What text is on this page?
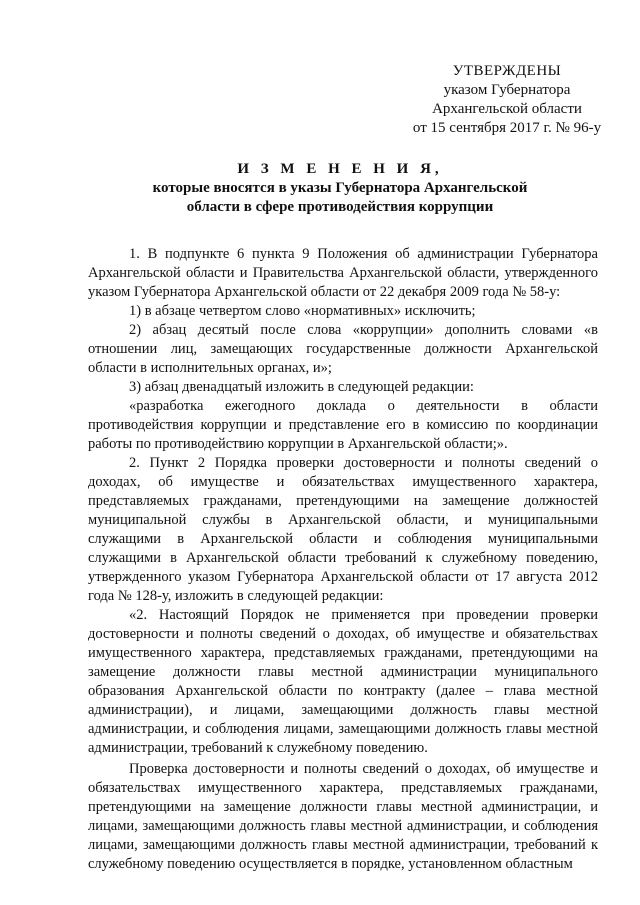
УТВЕРЖДЕНЫ
указом Губернатора
Архангельской области
от 15 сентября 2017 г. № 96-у
И З М Е Н Е Н И Я,
которые вносятся в указы Губернатора Архангельской
области в сфере противодействия коррупции

1. В подпункте 6 пункта 9 Положения об администрации Губернатора Архангельской области и Правительства Архангельской области, утвержденного указом Губернатора Архангельской области от 22 декабря 2009 года № 58-у:

1) в абзаце четвертом слово «нормативных» исключить;

2) абзац десятый после слова «коррупции» дополнить словами «в отношении лиц, замещающих государственные должности Архангельской области в исполнительных органах, и»;

3) абзац двенадцатый изложить в следующей редакции:

«разработка ежегодного доклада о деятельности в области противодействия коррупции и представление его в комиссию по координации работы по противодействию коррупции в Архангельской области;».

2. Пункт 2 Порядка проверки достоверности и полноты сведений о доходах, об имуществе и обязательствах имущественного характера, представляемых гражданами, претендующими на замещение должностей муниципальной службы в Архангельской области, и муниципальными служащими в Архангельской области и соблюдения муниципальными служащими в Архангельской области требований к служебному поведению, утвержденного указом Губернатора Архангельской области от 17 августа 2012 года № 128-у, изложить в следующей редакции:

«2. Настоящий Порядок не применяется при проведении проверки достоверности и полноты сведений о доходах, об имуществе и обязательствах имущественного характера, представляемых гражданами, претендующими на замещение должности главы местной администрации муниципального образования Архангельской области по контракту (далее – глава местной администрации), и лицами, замещающими должность главы местной администрации, и соблюдения лицами, замещающими должность главы местной администрации, требований к служебному поведению.

Проверка достоверности и полноты сведений о доходах, об имуществе и обязательствах имущественного характера, представляемых гражданами, претендующими на замещение должности главы местной администрации, и лицами, замещающими должность главы местной администрации, и соблюдения лицами, замещающими должность главы местной администрации, требований к служебному поведению осуществляется в порядке, установленном областным
